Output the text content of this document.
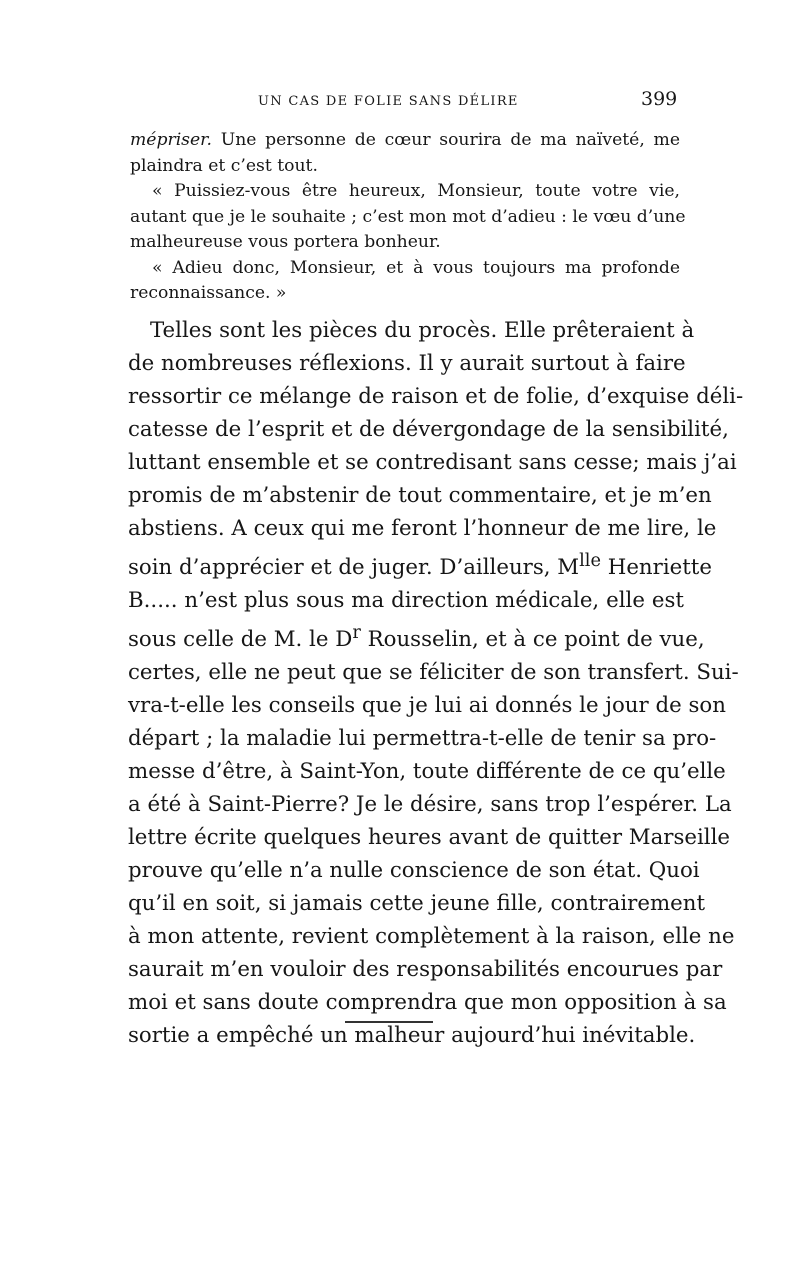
UN CAS DE FOLIE SANS DÉLIRE	399

mépriser. Une personne de cœur sourira de ma naïveté, me

plaindra et c’est tout.

« Puissiez-vous être heureux, Monsieur, toute votre vie,

autant que je le souhaite ; c’est mon mot d’adieu : le vœu d’une

malheureuse vous portera bonheur.

« Adieu donc, Monsieur, et à vous toujours ma profonde

reconnaissance. »

Telles sont les pièces du procès. Elle prêteraient à

de nombreuses réflexions. Il y aurait surtout à faire

ressortir ce mélange de raison et de folie, d’exquise déli-

catesse de l’esprit et de dévergondage de la sensibilité,

luttant ensemble et se contredisant sans cesse; mais j’ai

promis de m’abstenir de tout commentaire, et je m’en

abstiens. A ceux qui me feront l’honneur de me lire, le

soin d’apprécier et de juger. D’ailleurs, $M^{lle}$ Henriette

B..... n’est plus sous ma direction médicale, elle est

sous celle de M. le $D^r$ Rousselin, et à ce point de vue,

certes, elle ne peut que se féliciter de son transfert. Sui-

vra-t-elle les conseils que je lui ai donnés le jour de son

départ ; la maladie lui permettra-t-elle de tenir sa pro-

messe d’être, à Saint-Yon, toute différente de ce qu’elle

a été à Saint-Pierre? Je le désire, sans trop l’espérer. La

lettre écrite quelques heures avant de quitter Marseille

prouve qu’elle n’a nulle conscience de son état. Quoi

qu’il en soit, si jamais cette jeune fille, contrairement

à mon attente, revient complètement à la raison, elle ne

saurait m’en vouloir des responsabilités encourues par

moi et sans doute comprendra que mon opposition à sa

sortie a empêché un malheur aujourd’hui inévitable.
